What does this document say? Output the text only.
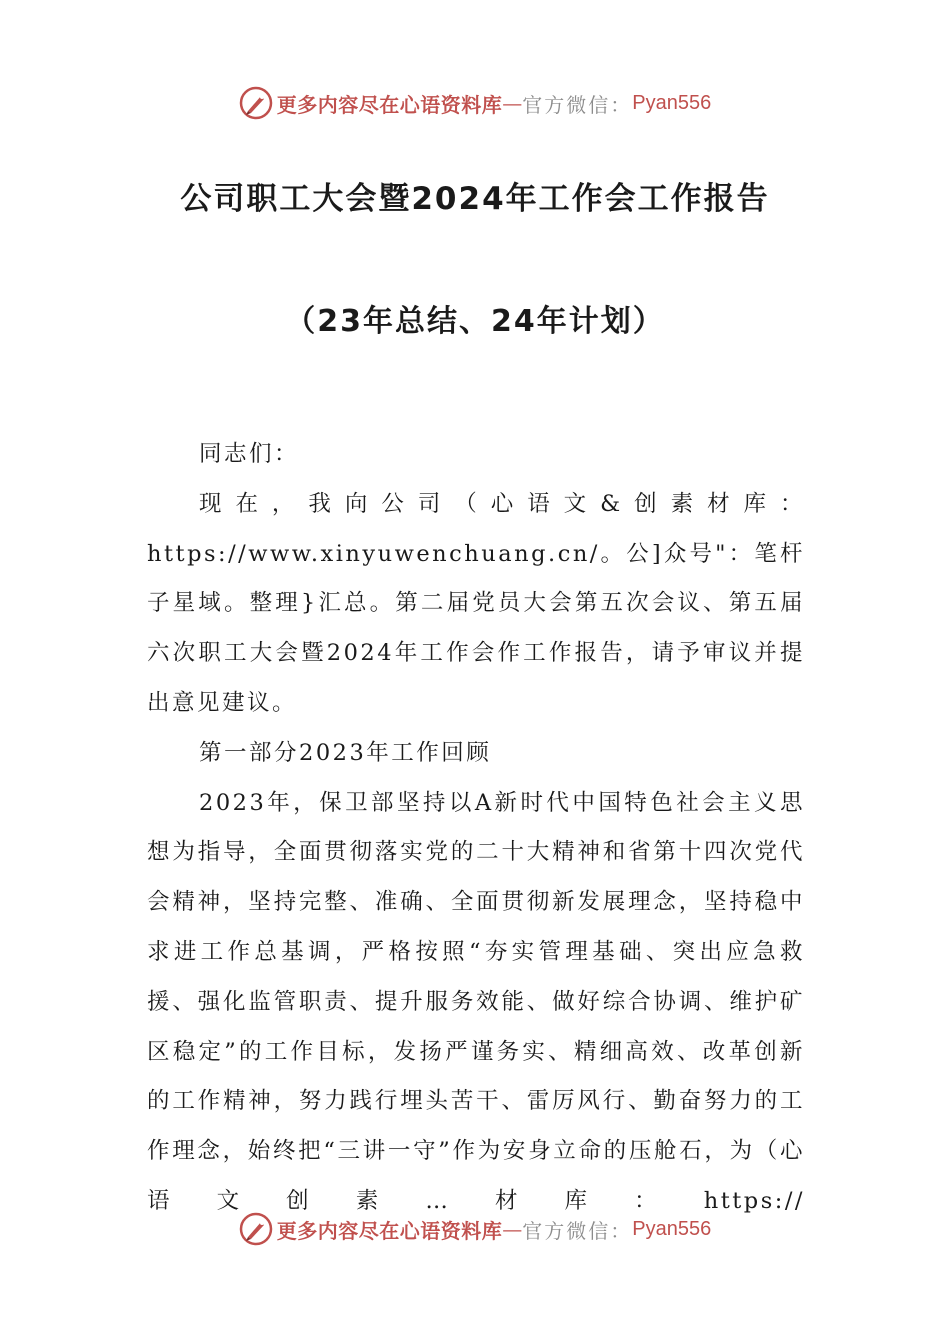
更多内容尽在心语资料库 — 官方微信： Pyan556
公司职工大会暨2024年工作会工作报告
（23年总结、24年计划）

同志们：

现在，我向公司（心语文&创素材库：https://www.xinyuwenchuang.cn/。公]众号"：笔杆子星域。整理}汇总。第二届党员大会第五次会议、第五届六次职工大会暨2024年工作会作工作报告，请予审议并提出意见建议。

第一部分2023年工作回顾

2023年，保卫部坚持以A新时代中国特色社会主义思想为指导，全面贯彻落实党的二十大精神和省第十四次党代会精神，坚持完整、准确、全面贯彻新发展理念，坚持稳中求进工作总基调，严格按照“夯实管理基础、突出应急救援、强化监管职责、提升服务效能、做好综合协调、维护矿区稳定”的工作目标，发扬严谨务实、精细高效、改革创新的工作精神，努力践行埋头苦干、雷厉风行、勤奋努力的工作理念，始终把“三讲一守”作为安身立命的压舱石，为（心语文创素…材库：https://

更多内容尽在心语资料库 — 官方微信： Pyan556
